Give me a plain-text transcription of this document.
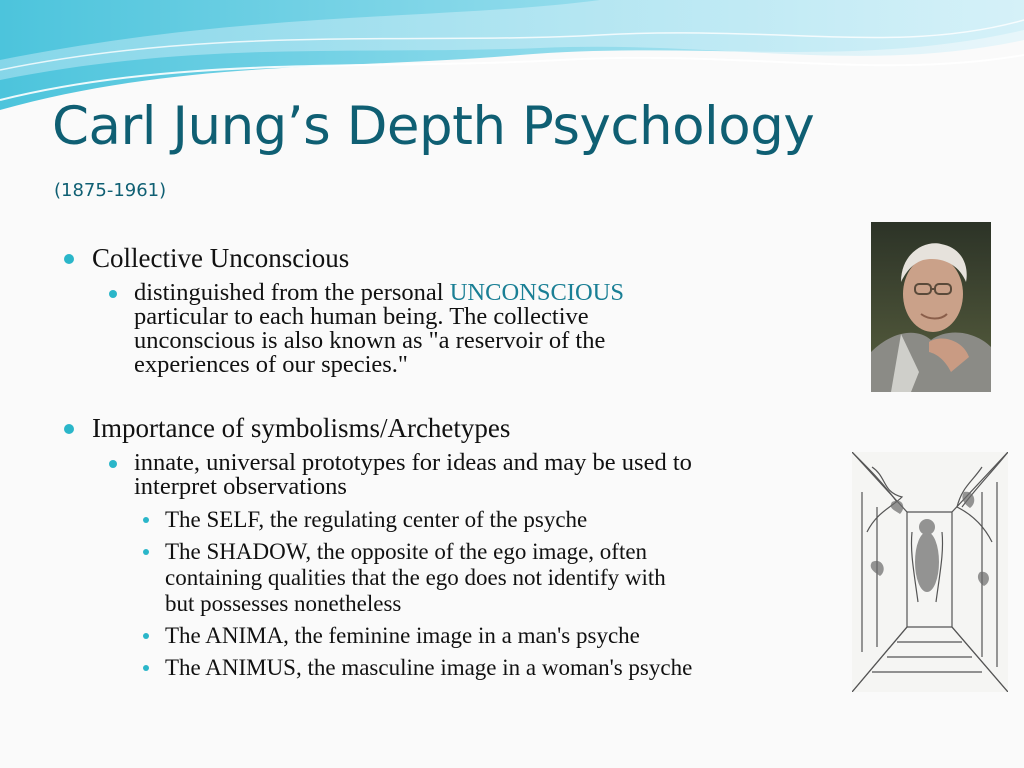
Carl Jung’s Depth Psychology
(1875-1961)
Collective Unconscious
distinguished from the personal UNCONSCIOUS
particular to each human being. The collective
unconscious is also known as "a reservoir of the
experiences of our species."
Importance of symbolisms/Archetypes
innate, universal prototypes for ideas and may be used to
interpret observations
The SELF, the regulating center of the psyche
The SHADOW, the opposite of the ego image, often
containing qualities that the ego does not identify with
but possesses nonetheless
The ANIMA, the feminine image in a man's psyche
The ANIMUS, the masculine image in a woman's psyche
